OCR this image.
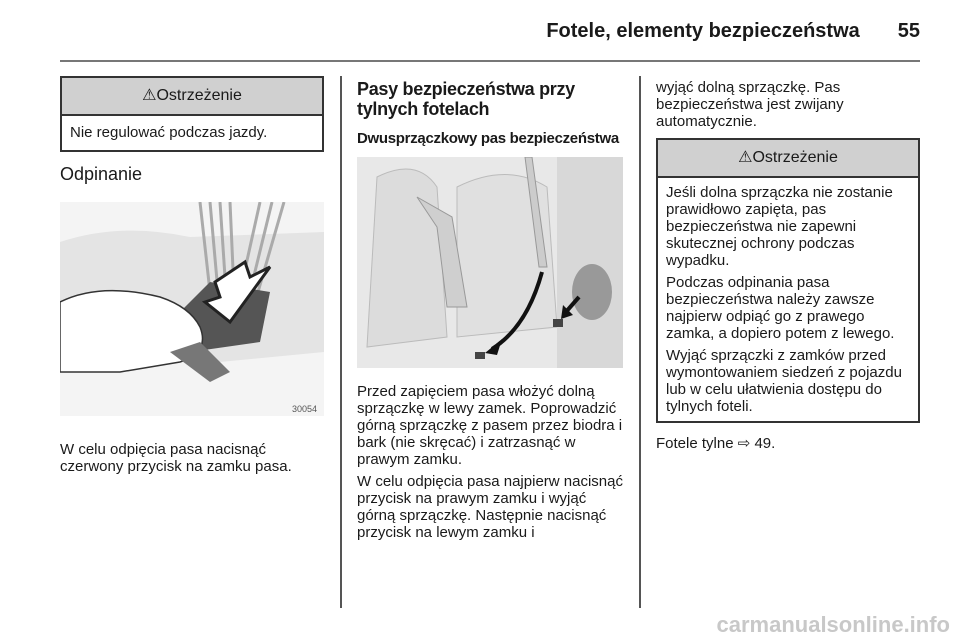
Fotele, elementy bezpieczeństwa 55
⚠Ostrzeżenie

Nie regulować podczas jazdy.

Odpinanie
30054

W celu odpięcia pasa nacisnąć czerwony przycisk na zamku pasa.

Pasy bezpieczeństwa przy tylnych fotelach
Dwusprzączkowy pas bezpieczeństwa

Przed zapięciem pasa włożyć dolną sprzączkę w lewy zamek. Poprowadzić górną sprzączkę z pasem przez biodra i bark (nie skręcać) i zatrzasnąć w prawym zamku.

W celu odpięcia pasa najpierw nacisnąć przycisk na prawym zamku i wyjąć górną sprzączkę. Następnie nacisnąć przycisk na lewym zamku i

wyjąć dolną sprzączkę. Pas bezpieczeństwa jest zwijany automatycznie.

⚠Ostrzeżenie

Jeśli dolna sprzączka nie zostanie prawidłowo zapięta, pas bezpieczeństwa nie zapewni skutecznej ochrony podczas wypadku.

Podczas odpinania pasa bezpieczeństwa należy zawsze najpierw odpiąć go z prawego zamka, a dopiero potem z lewego.

Wyjąć sprzączki z zamków przed wymontowaniem siedzeń z pojazdu lub w celu ułatwienia dostępu do tylnych foteli.

Fotele tylne ⇨ 49.

carmanualsonline.info
